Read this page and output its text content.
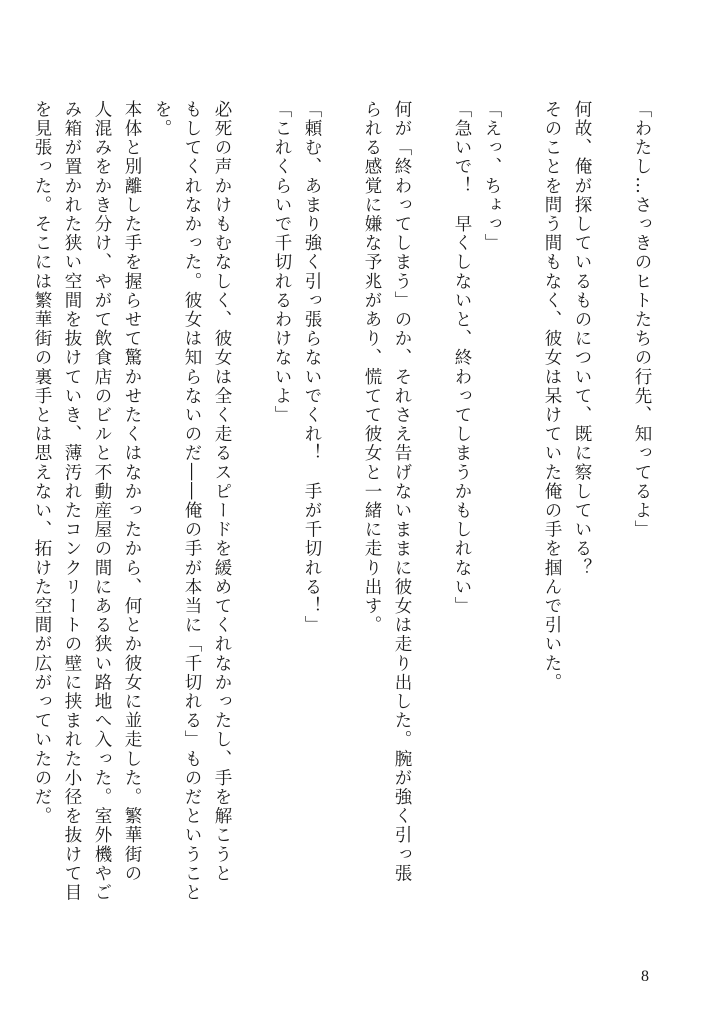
「わたし…さっきのヒトたちの行先、知ってるよ」
何故、俺が探しているものについて、既に察している？
そのことを問う間もなく、彼女は呆けていた俺の手を掴んで引いた。
「えっ、ちょっ」
「急いで！　早くしないと、終わってしまうかもしれない」
何が「終わってしまう」のか、それさえ告げないままに彼女は走り出した。腕が強く引っ張
られる感覚に嫌な予兆があり、慌てて彼女と一緒に走り出す。
「頼む、あまり強く引っ張らないでくれ！　手が千切れる！」
「これくらいで千切れるわけないよ」
必死の声かけもむなしく、彼女は全く走るスピードを緩めてくれなかったし、手を解こうと
もしてくれなかった。彼女は知らないのだ――俺の手が本当に「千切れる」ものだということ
を。
本体と別離した手を握らせて驚かせたくはなかったから、何とか彼女に並走した。繁華街の
人混みをかき分け、やがて飲食店のビルと不動産屋の間にある狭い路地へ入った。室外機やご
み箱が置かれた狭い空間を抜けていき、薄汚れたコンクリートの壁に挟まれた小径を抜けて目
を見張った。そこには繁華街の裏手とは思えない、拓けた空間が広がっていたのだ。
8
